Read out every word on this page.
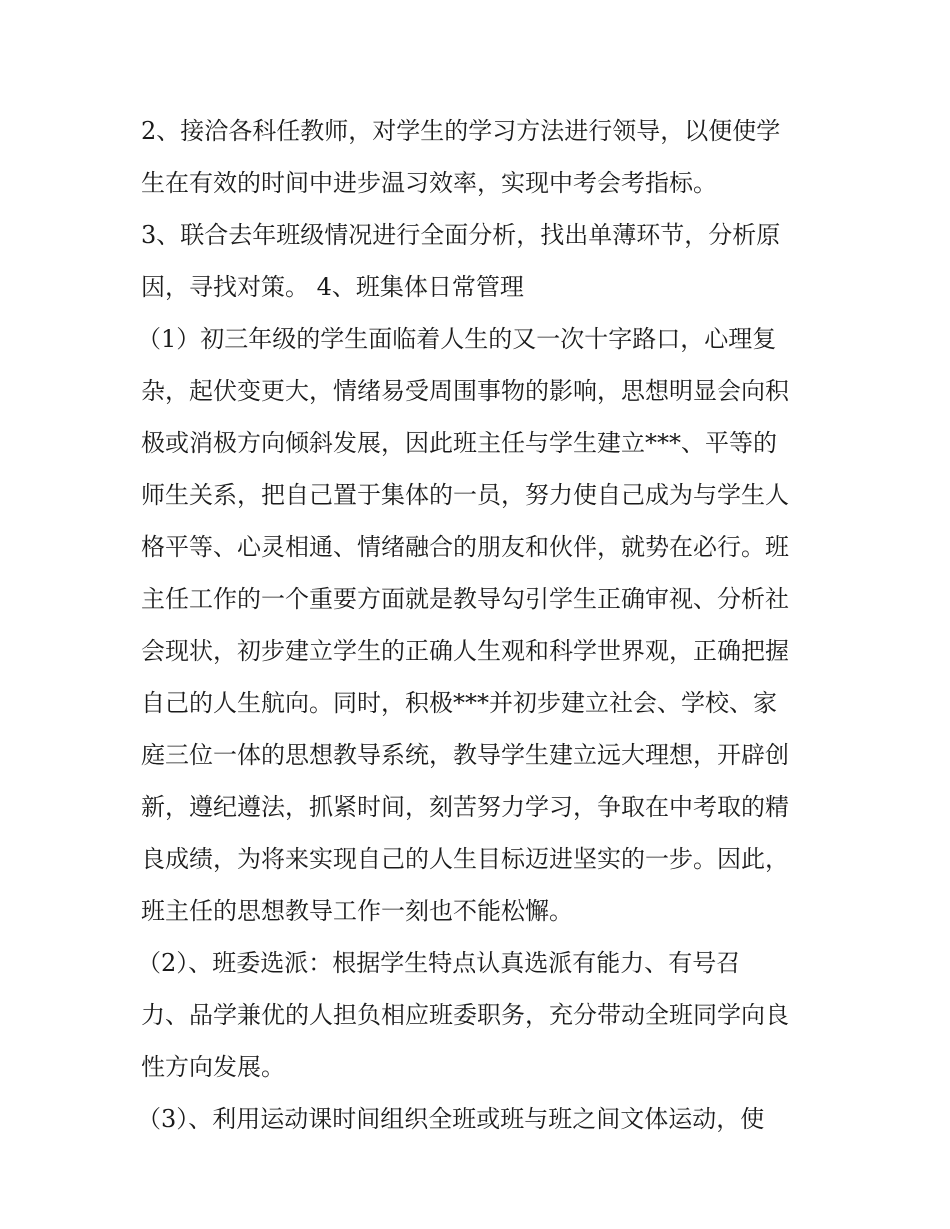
2、接洽各科任教师，对学生的学习方法进行领导，以便使学
生在有效的时间中进步温习效率，实现中考会考指标。
3、联合去年班级情况进行全面分析，找出单薄环节，分析原
因，寻找对策。 4、班集体日常管理
（1）初三年级的学生面临着人生的又一次十字路口，心理复
杂，起伏变更大，情绪易受周围事物的影响，思想明显会向积
极或消极方向倾斜发展，因此班主任与学生建立***、平等的
师生关系，把自己置于集体的一员，努力使自己成为与学生人
格平等、心灵相通、情绪融合的朋友和伙伴，就势在必行。班
主任工作的一个重要方面就是教导勾引学生正确审视、分析社
会现状，初步建立学生的正确人生观和科学世界观，正确把握
自己的人生航向。同时，积极***并初步建立社会、学校、家
庭三位一体的思想教导系统，教导学生建立远大理想，开辟创
新，遵纪遵法，抓紧时间，刻苦努力学习，争取在中考取的精
良成绩，为将来实现自己的人生目标迈进坚实的一步。因此，
班主任的思想教导工作一刻也不能松懈。
（2）、班委选派：根据学生特点认真选派有能力、有号召
力、品学兼优的人担负相应班委职务，充分带动全班同学向良
性方向发展。
（3）、利用运动课时间组织全班或班与班之间文体运动，使
